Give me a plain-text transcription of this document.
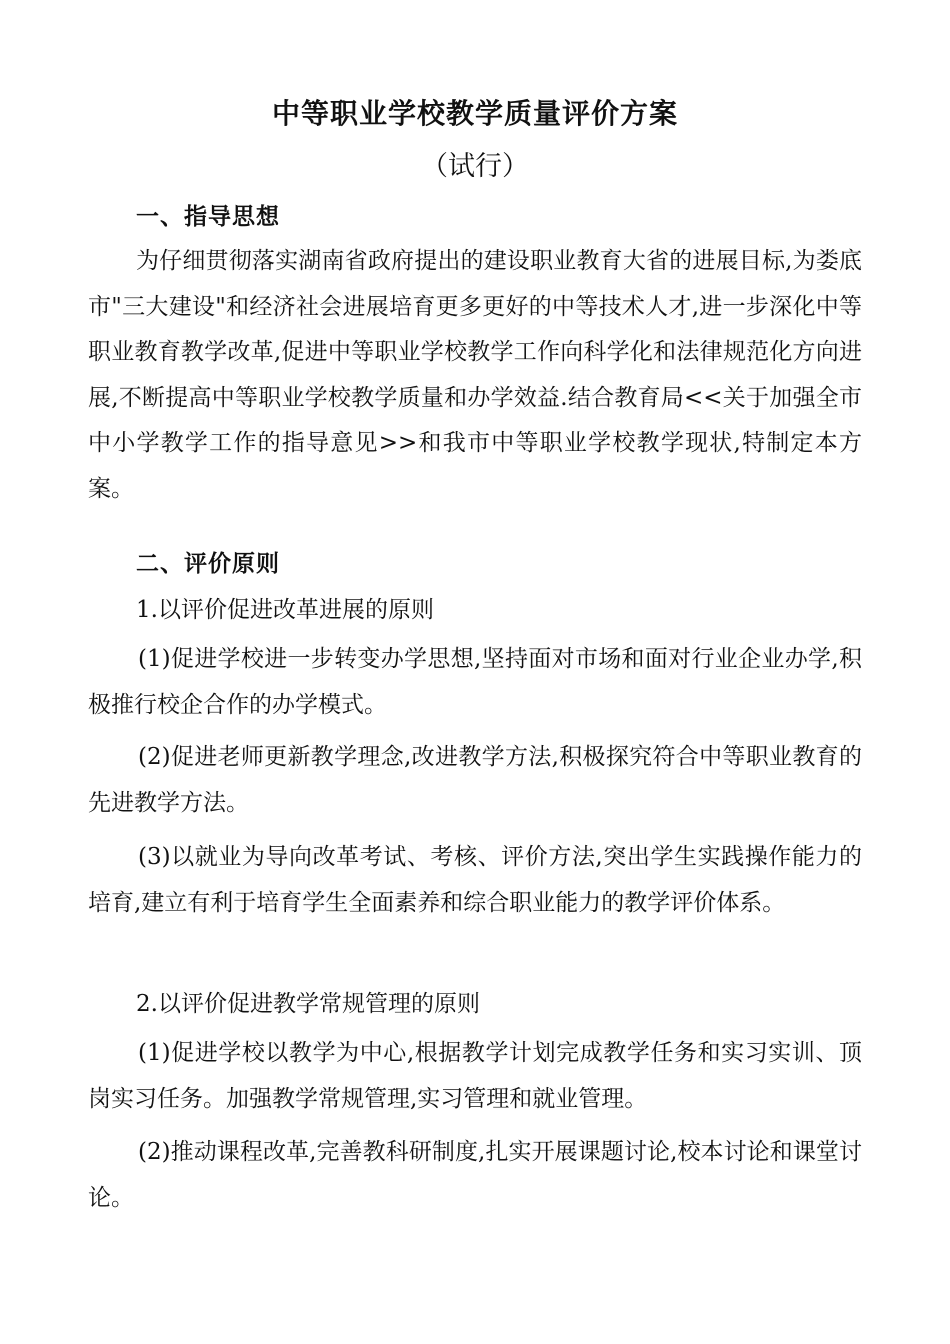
中等职业学校教学质量评价方案
（试行）
一、指导思想
为仔细贯彻落实湖南省政府提出的建设职业教育大省的进展目标,为娄底市"三大建设"和经济社会进展培育更多更好的中等技术人才,进一步深化中等职业教育教学改革,促进中等职业学校教学工作向科学化和法律规范化方向进展,不断提高中等职业学校教学质量和办学效益.结合教育局<<关于加强全市中小学教学工作的指导意见>>和我市中等职业学校教学现状,特制定本方案。
二、评价原则
1.以评价促进改革进展的原则
(1)促进学校进一步转变办学思想,坚持面对市场和面对行业企业办学,积极推行校企合作的办学模式。
(2)促进老师更新教学理念,改进教学方法,积极探究符合中等职业教育的先进教学方法。
(3)以就业为导向改革考试、考核、评价方法,突出学生实践操作能力的培育,建立有利于培育学生全面素养和综合职业能力的教学评价体系。
2.以评价促进教学常规管理的原则
(1)促进学校以教学为中心,根据教学计划完成教学任务和实习实训、顶岗实习任务。加强教学常规管理,实习管理和就业管理。
(2)推动课程改革,完善教科研制度,扎实开展课题讨论,校本讨论和课堂讨论。
